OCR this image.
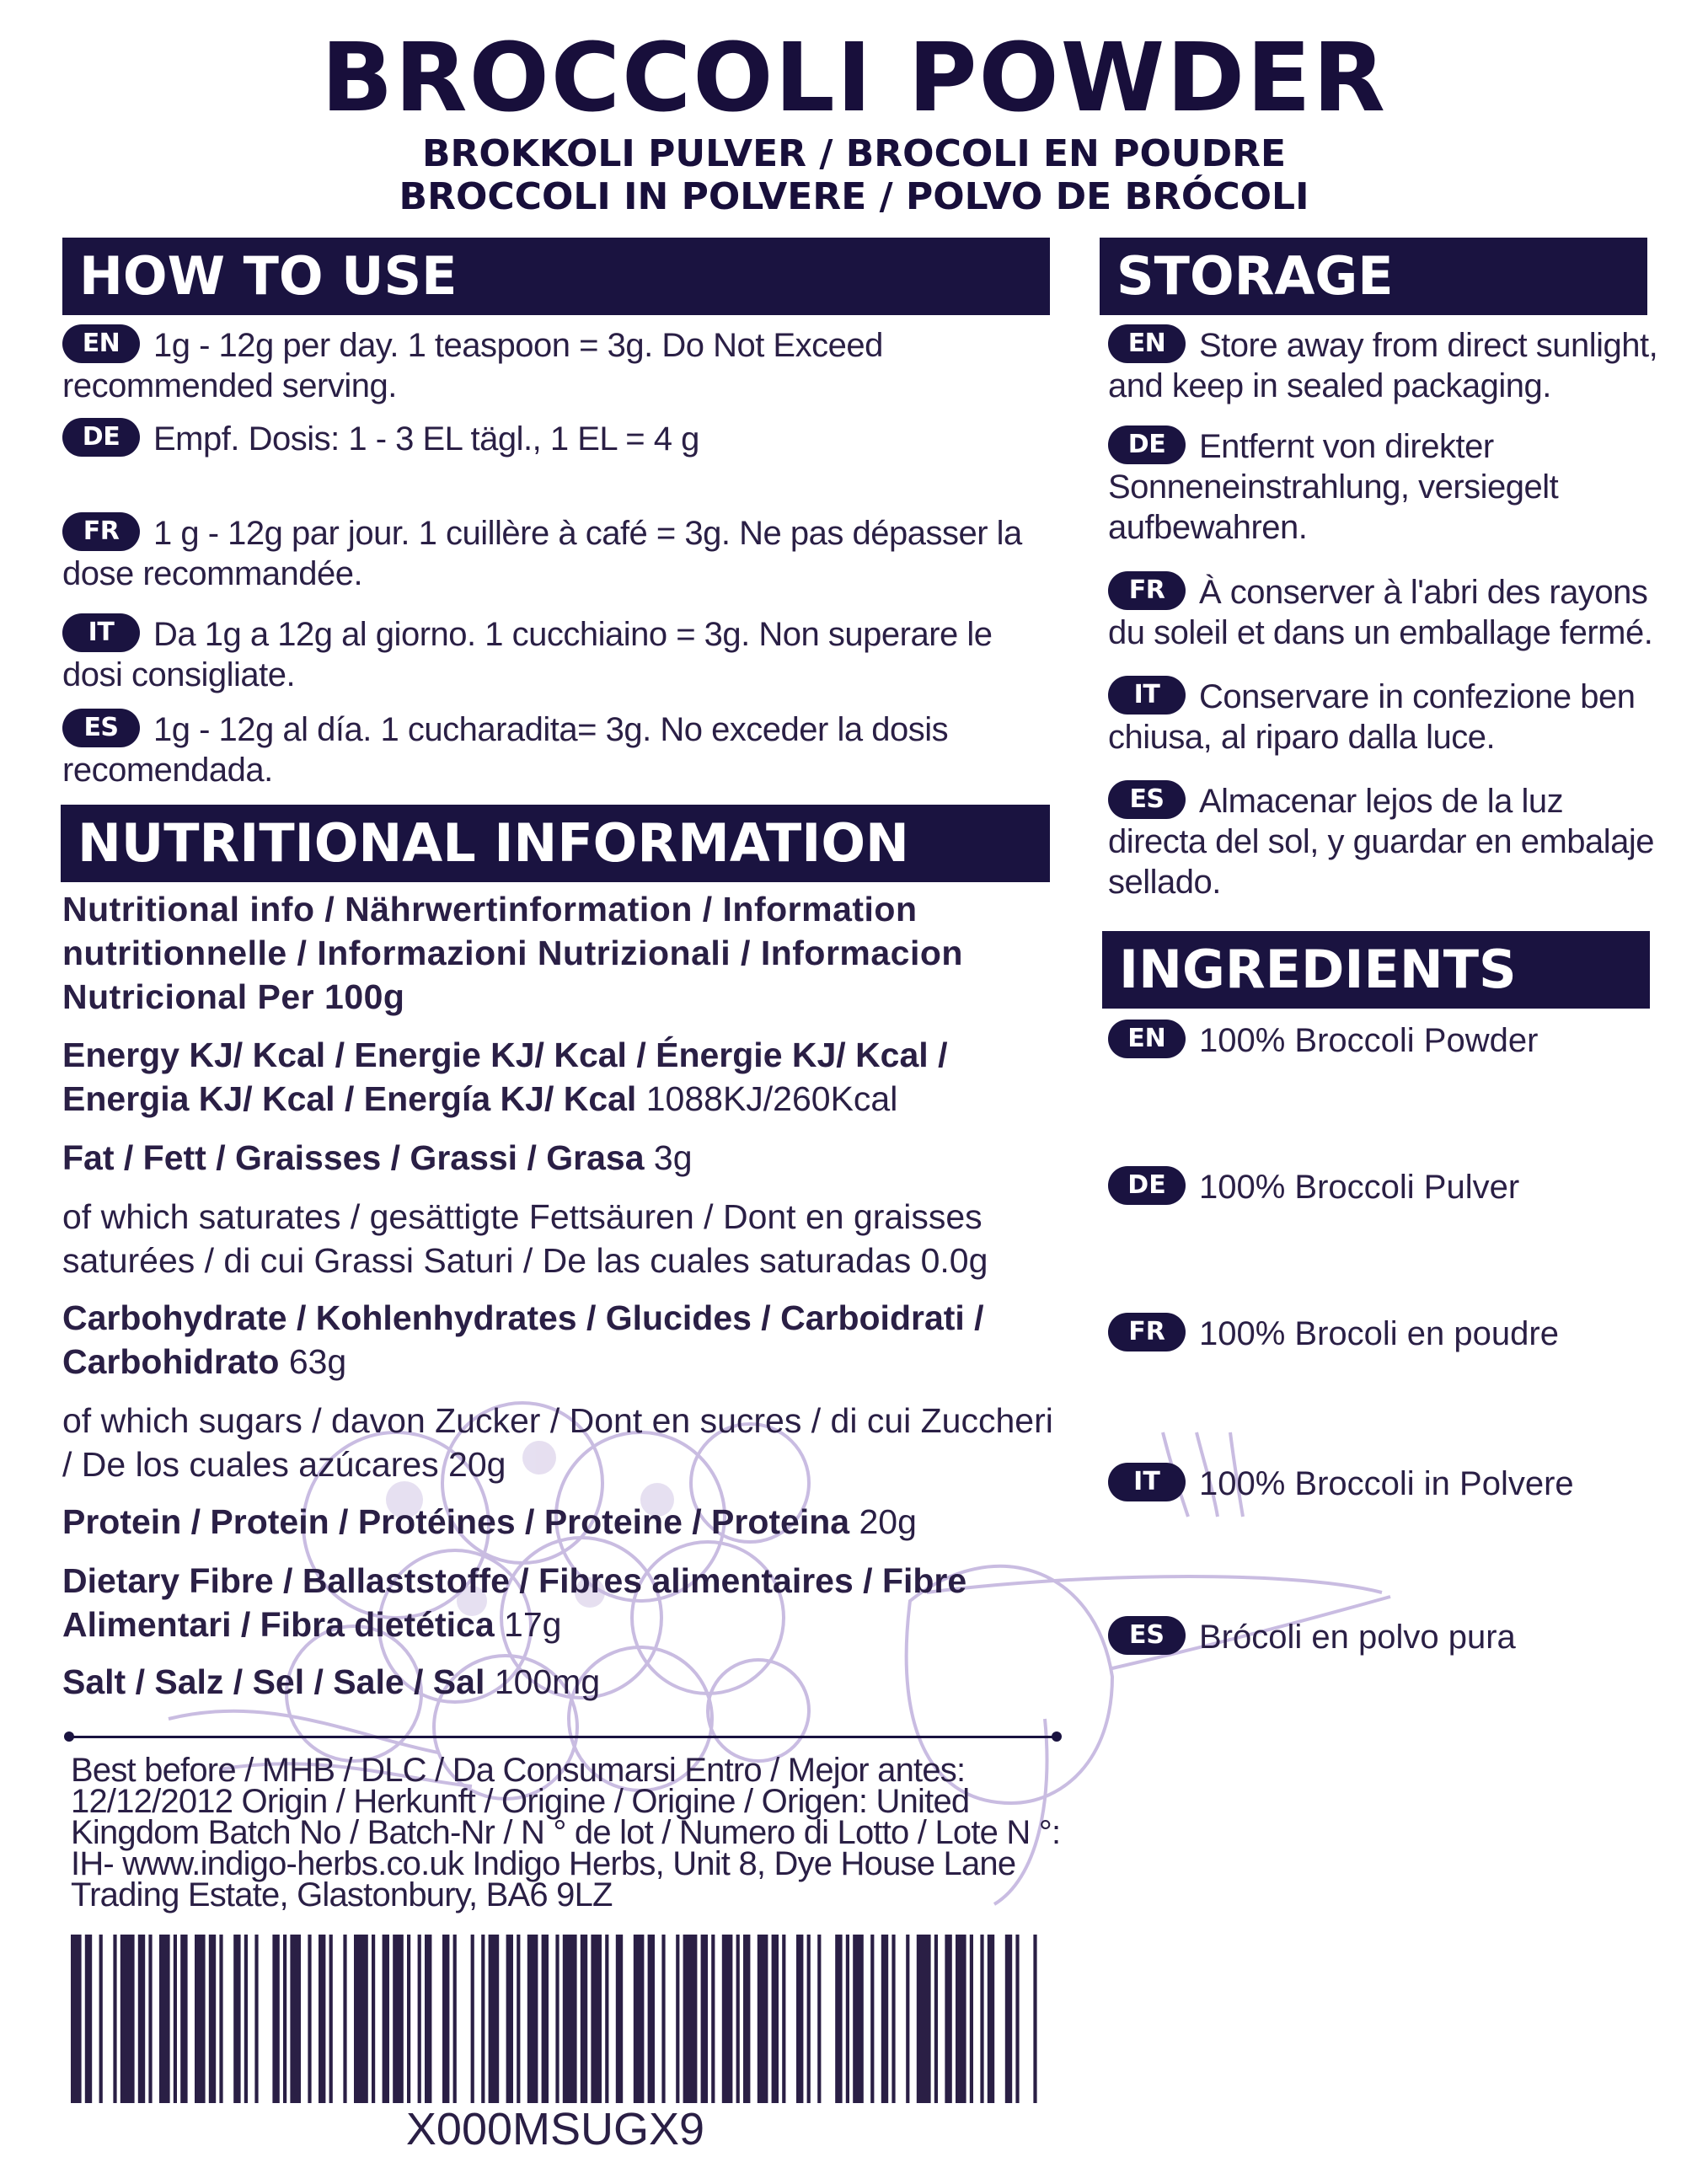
BROCCOLI POWDER
BROKKOLI PULVER / BROCOLI EN POUDRE
BROCCOLI IN POLVERE / POLVO DE BRÓCOLI
HOW TO USE
EN 1g - 12g per day. 1 teaspoon = 3g. Do Not Exceed recommended serving.
DE Empf. Dosis: 1 - 3 EL tägl., 1 EL = 4 g
FR 1 g - 12g par jour. 1 cuillère à café = 3g. Ne pas dépasser la dose recommandée.
IT Da 1g a 12g al giorno. 1 cucchiaino = 3g. Non superare le dosi consigliate.
ES 1g - 12g al día. 1 cucharadita= 3g. No exceder la dosis recomendada.
NUTRITIONAL INFORMATION
Nutritional info / Nährwertinformation / Information nutritionnelle / Informazioni Nutrizionali / Informacion Nutricional Per 100g
Energy KJ/ Kcal / Energie KJ/ Kcal / Énergie KJ/ Kcal / Energia KJ/ Kcal / Energía KJ/ Kcal 1088KJ/260Kcal
Fat / Fett / Graisses / Grassi / Grasa 3g
of which saturates / gesättigte Fettsäuren / Dont en graisses saturées / di cui Grassi Saturi / De las cuales saturadas 0.0g
Carbohydrate / Kohlenhydrates / Glucides / Carboidrati / Carbohidrato 63g
of which sugars / davon Zucker / Dont en sucres / di cui Zuccheri / De los cuales azúcares 20g
Protein / Protein / Protéines / Proteine / Proteina 20g
Dietary Fibre / Ballaststoffe / Fibres alimentaires / Fibre Alimentari / Fibra dietética 17g
Salt / Salz / Sel / Sale / Sal 100mg
STORAGE
EN Store away from direct sunlight, and keep in sealed packaging.
DE Entfernt von direkter Sonneneinstrahlung, versiegelt aufbewahren.
FR À conserver à l'abri des rayons du soleil et dans un emballage fermé.
IT Conservare in confezione ben chiusa, al riparo dalla luce.
ES Almacenar lejos de la luz directa del sol, y guardar en embalaje sellado.
INGREDIENTS
EN 100% Broccoli Powder
DE 100% Broccoli Pulver
FR 100% Brocoli en poudre
IT 100% Broccoli in Polvere
ES Brócoli en polvo pura
Best before / MHB / DLC / Da Consumarsi Entro / Mejor antes: 12/12/2012 Origin / Herkunft / Origine / Origine / Origen: United Kingdom Batch No / Batch-Nr / N ° de lot / Numero di Lotto / Lote N °: IH- www.indigo-herbs.co.uk Indigo Herbs, Unit 8, Dye House Lane Trading Estate, Glastonbury, BA6 9LZ
X000MSUGX9
